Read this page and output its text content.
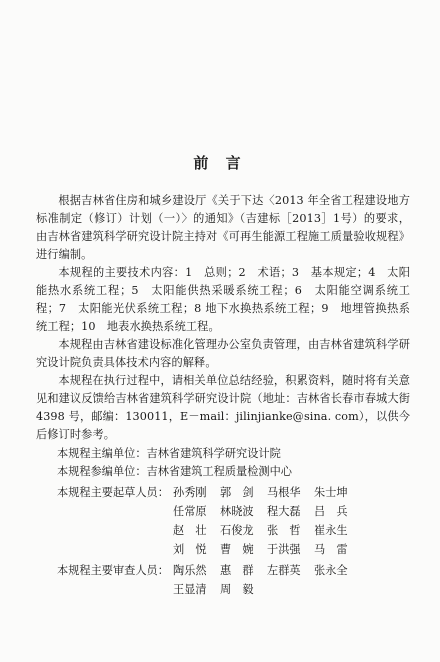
前 言

根据吉林省住房和城乡建设厅《关于下达〈2013 年全省工程建设地方标准制定（修订）计划（一）〉的通知》（吉建标［2013］1号）的要求，由吉林省建筑科学研究设计院主持对《可再生能源工程施工质量验收规程》进行编制。

本规程的主要技术内容：1　总则；2　术语；3　基本规定；4　太阳能热水系统工程；5　太阳能供热采暖系统工程；6　太阳能空调系统工程；7　太阳能光伏系统工程；8 地下水换热系统工程；9　地埋管换热系统工程；10　地表水换热系统工程。

本规程由吉林省建设标准化管理办公室负责管理，由吉林省建筑科学研究设计院负责具体技术内容的解释。

本规程在执行过程中，请相关单位总结经验，积累资料，随时将有关意见和建议反馈给吉林省建筑科学研究设计院（地址：吉林省长春市春城大街 4398 号，邮编：130011，E－mail：jilinjianke@sina. com），以供今后修订时参考。

本规程主编单位：吉林省建筑科学研究设计院
本规程参编单位：吉林省建筑工程质量检测中心
本规程主要起草人员： 孙秀刚 郭　剑 马根华 朱士坤
任常原 林晓波 程大磊 吕　兵
赵　壮 石俊龙 张　哲 崔永生
刘　悦 曹　婉 于洪强 马　雷
本规程主要审查人员： 陶乐然 惠　群 左群英 张永全
王显清 周　毅
